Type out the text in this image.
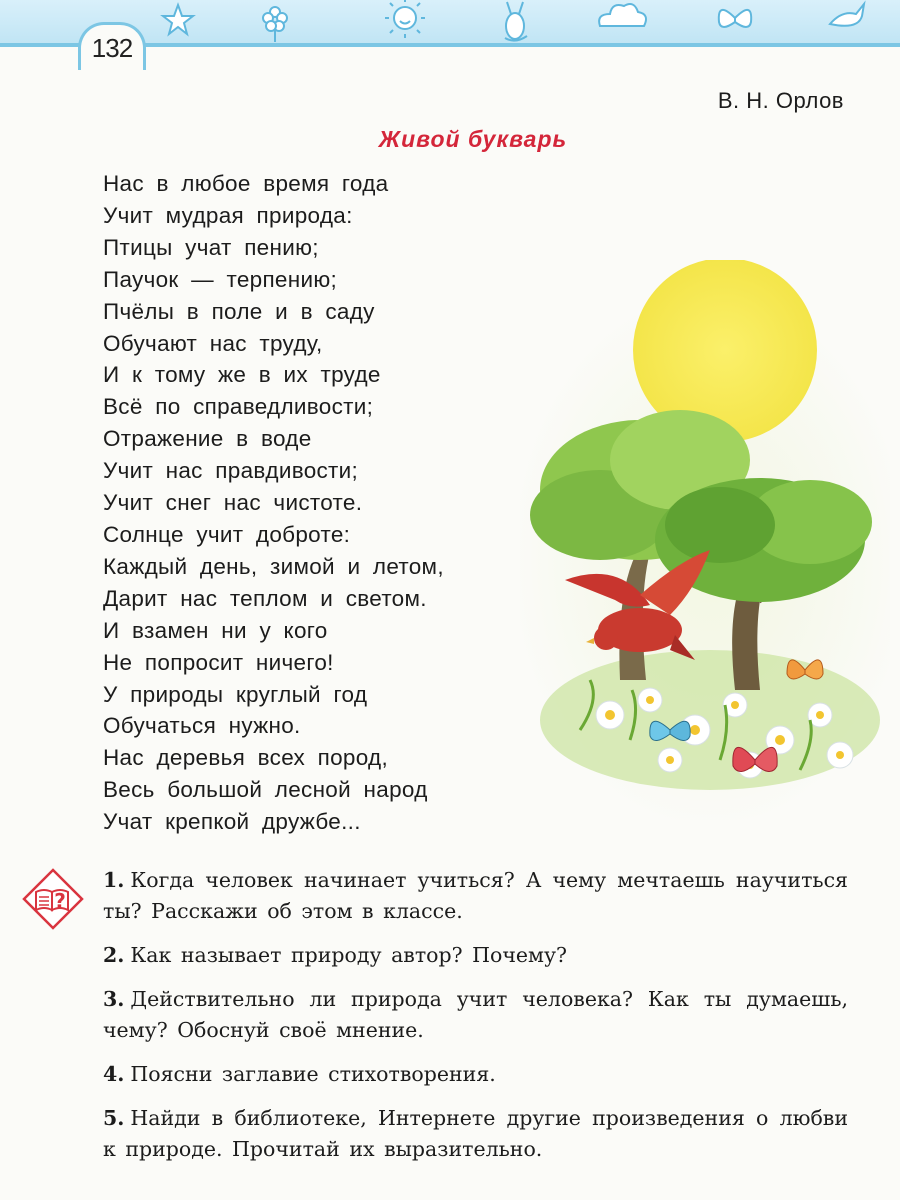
132
В. Н. Орлов
Живой букварь
Нас в любое время года
Учит мудрая природа:
Птицы учат пению;
Паучок — терпению;
Пчёлы в поле и в саду
Обучают нас труду,
И к тому же в их труде
Всё по справедливости;
Отражение в воде
Учит нас правдивости;
Учит снег нас чистоте.
Солнце учит доброте:
Каждый день, зимой и летом,
Дарит нас теплом и светом.
И взамен ни у кого
Не попросит ничего!
У природы круглый год
Обучаться нужно.
Нас деревья всех пород,
Весь большой лесной народ
Учат крепкой дружбе...
?
1. Когда человек начинает учиться? А чему мечтаешь научиться ты? Расскажи об этом в классе.
2. Как называет природу автор? Почему?
3. Действительно ли природа учит человека? Как ты думаешь, чему? Обоснуй своё мнение.
4. Поясни заглавие стихотворения.
5. Найди в библиотеке, Интернете другие произведения о любви к природе. Прочитай их выразительно.
